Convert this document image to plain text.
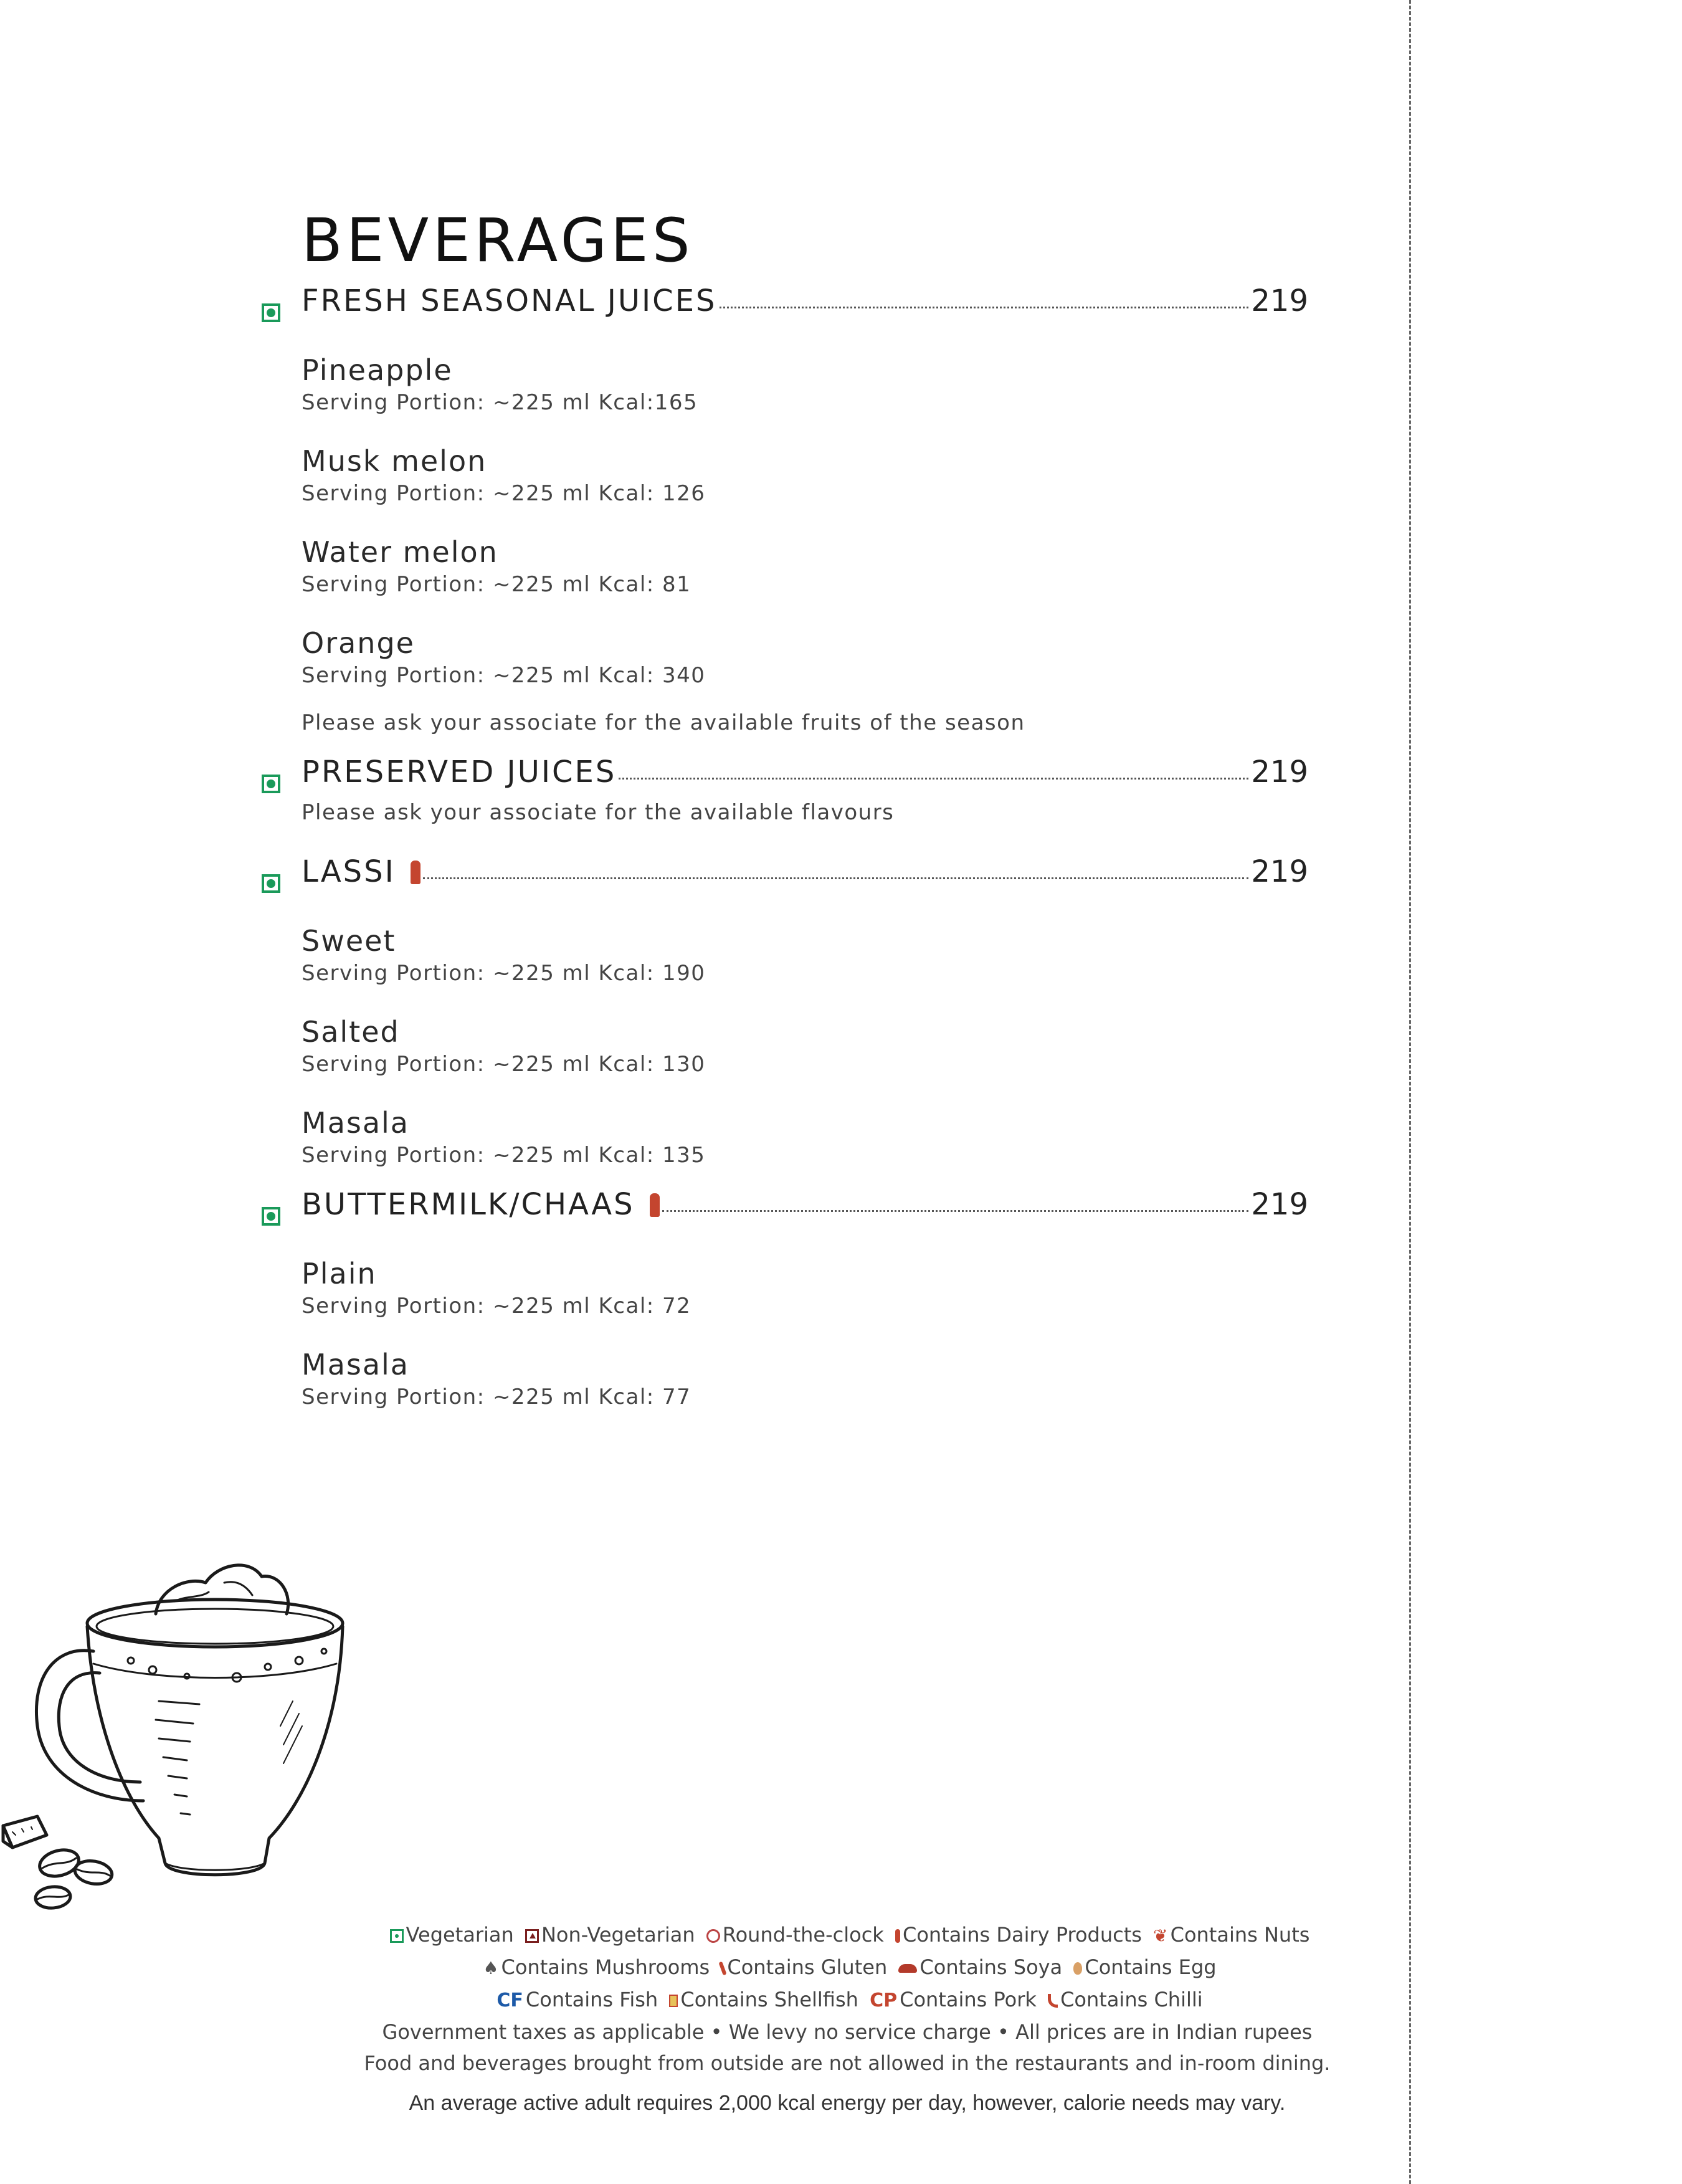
BEVERAGES
FRESH SEASONAL JUICES	219
Pineapple
Serving Portion: ~225 ml Kcal:165
Musk melon
Serving Portion: ~225 ml Kcal: 126
Water melon
Serving Portion: ~225 ml Kcal: 81
Orange
Serving Portion: ~225 ml Kcal: 340
Please ask your associate for the available fruits of the season
PRESERVED JUICES	219
Please ask your associate for the available flavours
LASSI	219
Sweet
Serving Portion: ~225 ml Kcal: 190
Salted
Serving Portion: ~225 ml Kcal: 130
Masala
Serving Portion: ~225 ml Kcal: 135
BUTTERMILK/CHAAS	219
Plain
Serving Portion: ~225 ml Kcal: 72
Masala
Serving Portion: ~225 ml Kcal: 77
Vegetarian Non-Vegetarian Round-the-clock Contains Dairy Products ❦ Contains Nuts
♠ Contains Mushrooms Contains Gluten Contains Soya Contains Egg
CF Contains Fish Contains Shellfish CP Contains Pork Contains Chilli
Government taxes as applicable • We levy no service charge • All prices are in Indian rupees
Food and beverages brought from outside are not allowed in the restaurants and in-room dining.
An average active adult requires 2,000 kcal energy per day, however, calorie needs may vary.
